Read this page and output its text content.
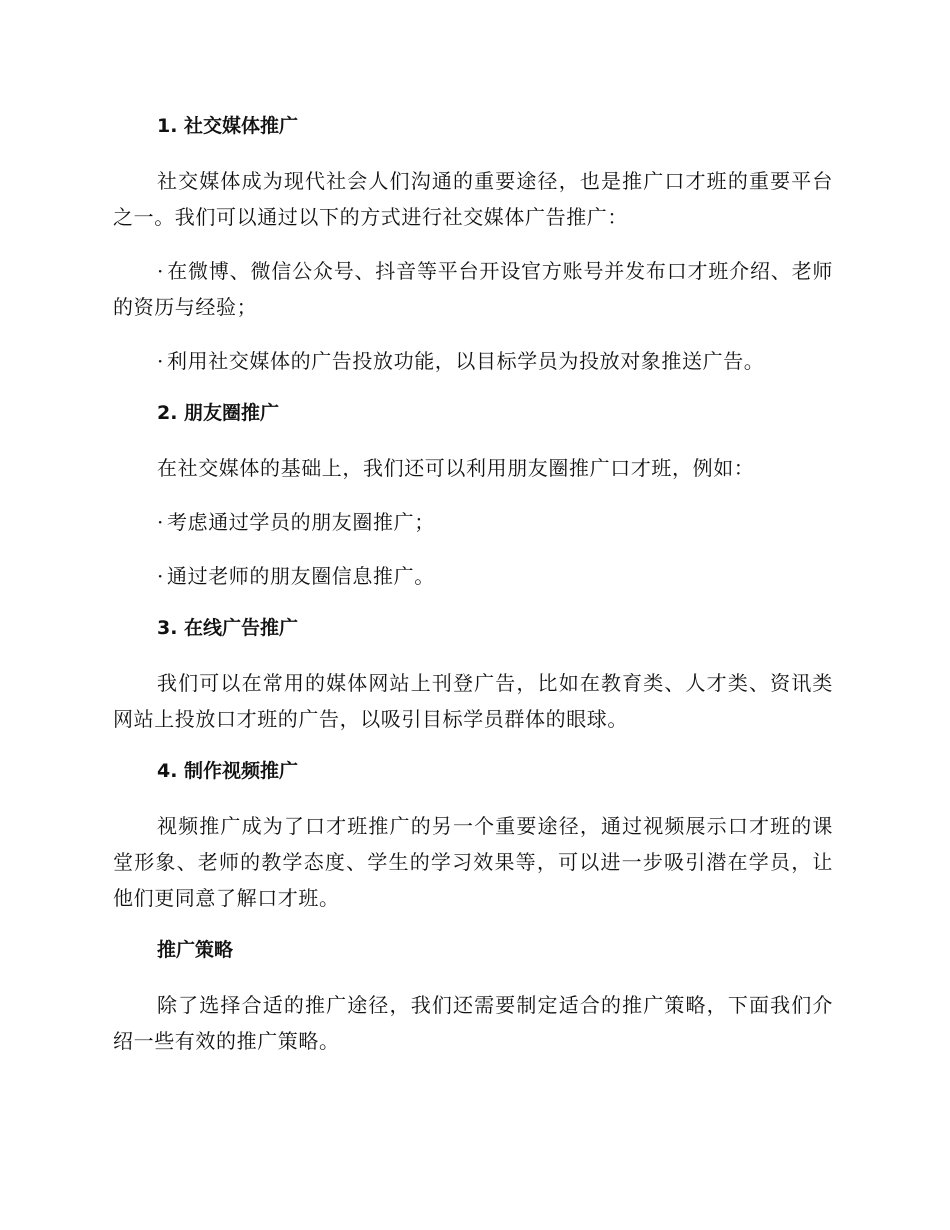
1. 社交媒体推广

社交媒体成为现代社会人们沟通的重要途径，也是推广口才班的重要平台之一。我们可以通过以下的方式进行社交媒体广告推广：

· 在微博、微信公众号、抖音等平台开设官方账号并发布口才班介绍、老师的资历与经验；

· 利用社交媒体的广告投放功能，以目标学员为投放对象推送广告。

2. 朋友圈推广

在社交媒体的基础上，我们还可以利用朋友圈推广口才班，例如：

· 考虑通过学员的朋友圈推广；

· 通过老师的朋友圈信息推广。

3. 在线广告推广

我们可以在常用的媒体网站上刊登广告，比如在教育类、人才类、资讯类网站上投放口才班的广告，以吸引目标学员群体的眼球。

4. 制作视频推广

视频推广成为了口才班推广的另一个重要途径，通过视频展示口才班的课堂形象、老师的教学态度、学生的学习效果等，可以进一步吸引潜在学员，让他们更同意了解口才班。

推广策略

除了选择合适的推广途径，我们还需要制定适合的推广策略，下面我们介绍一些有效的推广策略。
